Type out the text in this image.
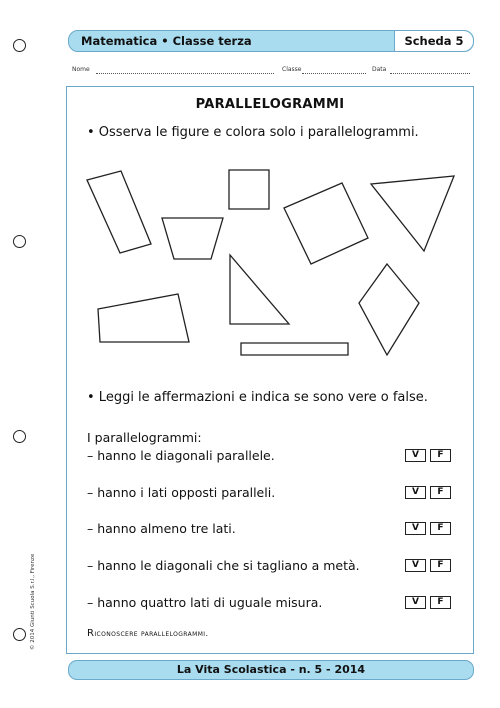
Matematica • Classe terza	Scheda 5
Nome	Classe	Data
PARALLELOGRAMMI
• Osserva le figure e colora solo i parallelogrammi.
• Leggi le affermazioni e indica se sono vere o false.
I parallelogrammi:
– hanno le diagonali parallele.	V	F
– hanno i lati opposti paralleli.	V	F
– hanno almeno tre lati.	V	F
– hanno le diagonali che si tagliano a metà.	V	F
– hanno quattro lati di uguale misura.	V	F
Riconoscere parallelogrammi.
© 2014 Giunti Scuola S.r.l., Firenze
La Vita Scolastica - n. 5 - 2014
